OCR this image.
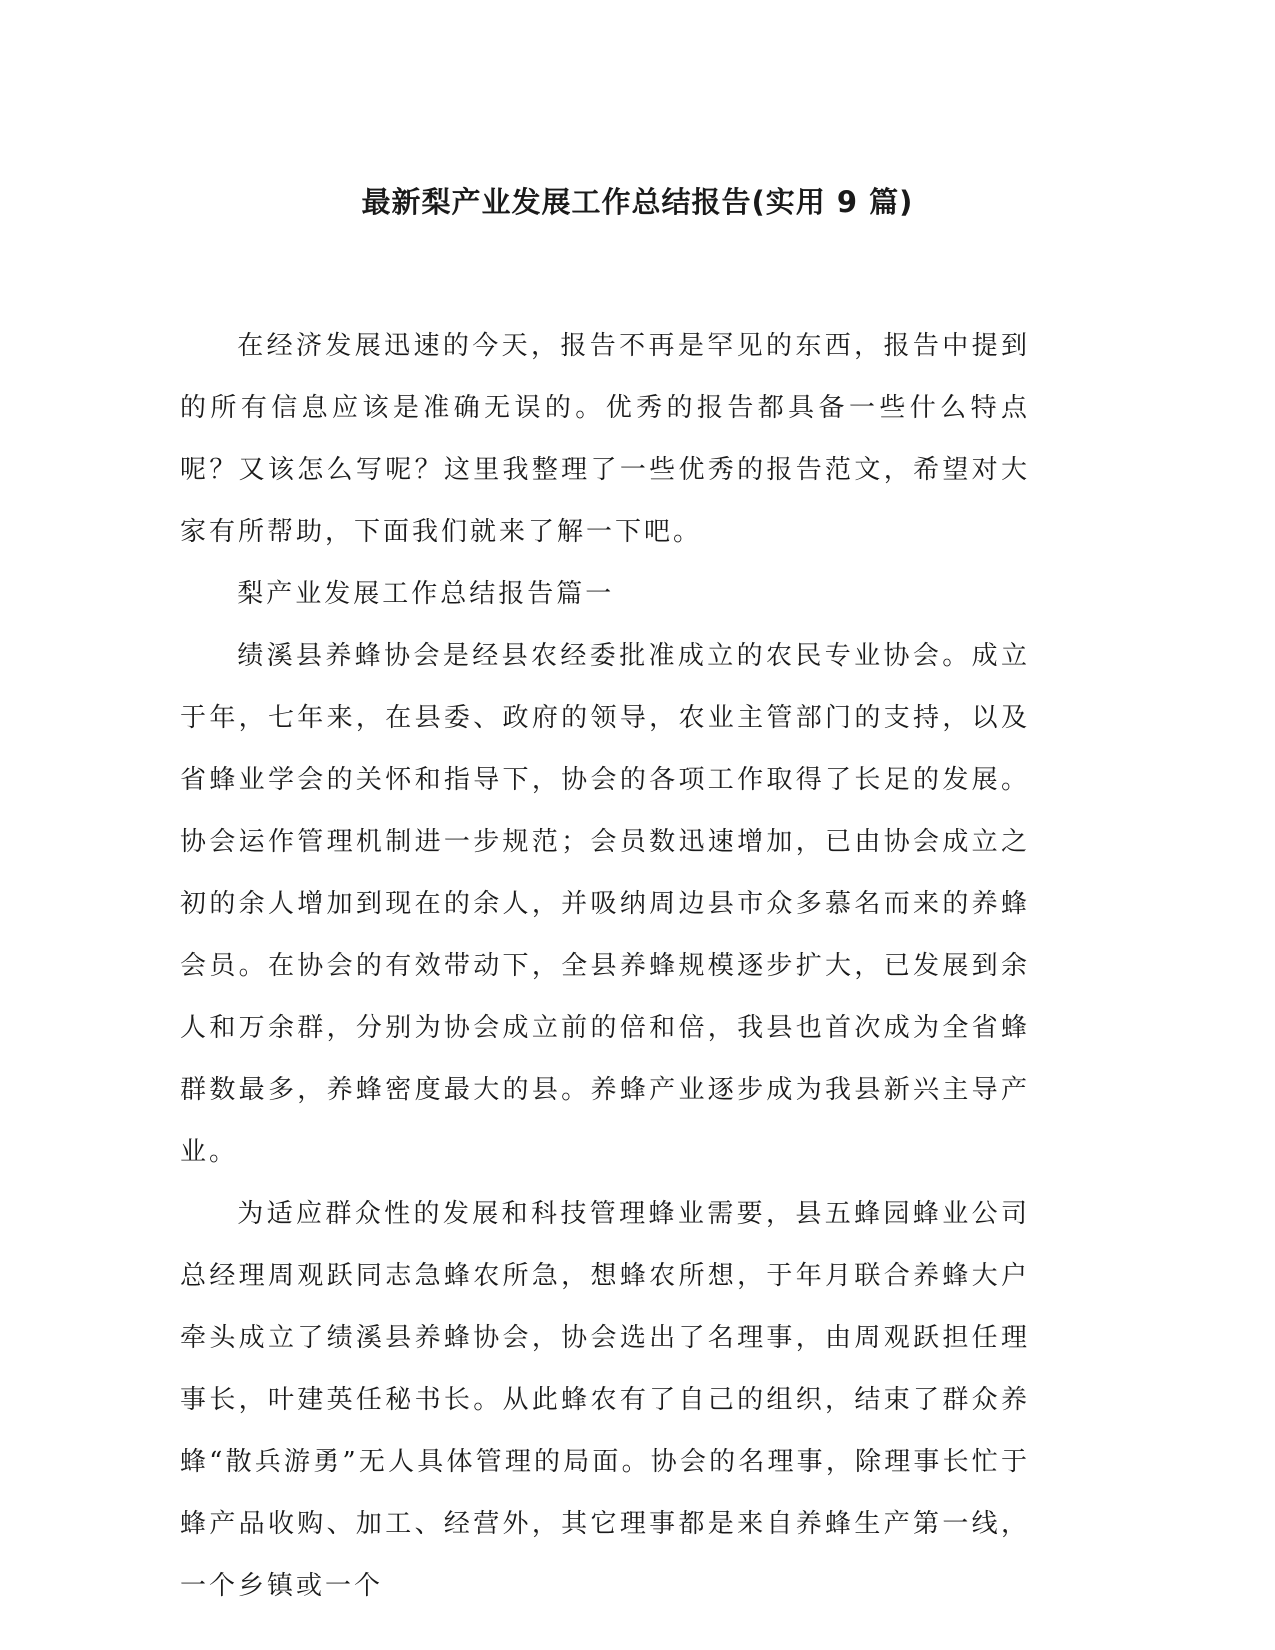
最新梨产业发展工作总结报告(实用 9 篇)

在经济发展迅速的今天，报告不再是罕见的东西，报告中提到的所有信息应该是准确无误的。优秀的报告都具备一些什么特点呢？又该怎么写呢？这里我整理了一些优秀的报告范文，希望对大家有所帮助，下面我们就来了解一下吧。

梨产业发展工作总结报告篇一

绩溪县养蜂协会是经县农经委批准成立的农民专业协会。成立于年，七年来，在县委、政府的领导，农业主管部门的支持，以及省蜂业学会的关怀和指导下，协会的各项工作取得了长足的发展。协会运作管理机制进一步规范；会员数迅速增加，已由协会成立之初的余人增加到现在的余人，并吸纳周边县市众多慕名而来的养蜂会员。在协会的有效带动下，全县养蜂规模逐步扩大，已发展到余人和万余群，分别为协会成立前的倍和倍，我县也首次成为全省蜂群数最多，养蜂密度最大的县。养蜂产业逐步成为我县新兴主导产业。

为适应群众性的发展和科技管理蜂业需要，县五蜂园蜂业公司总经理周观跃同志急蜂农所急，想蜂农所想，于年月联合养蜂大户牵头成立了绩溪县养蜂协会，协会选出了名理事，由周观跃担任理事长，叶建英任秘书长。从此蜂农有了自己的组织，结束了群众养蜂“散兵游勇”无人具体管理的局面。协会的名理事，除理事长忙于蜂产品收购、加工、经营外，其它理事都是来自养蜂生产第一线，一个乡镇或一个
